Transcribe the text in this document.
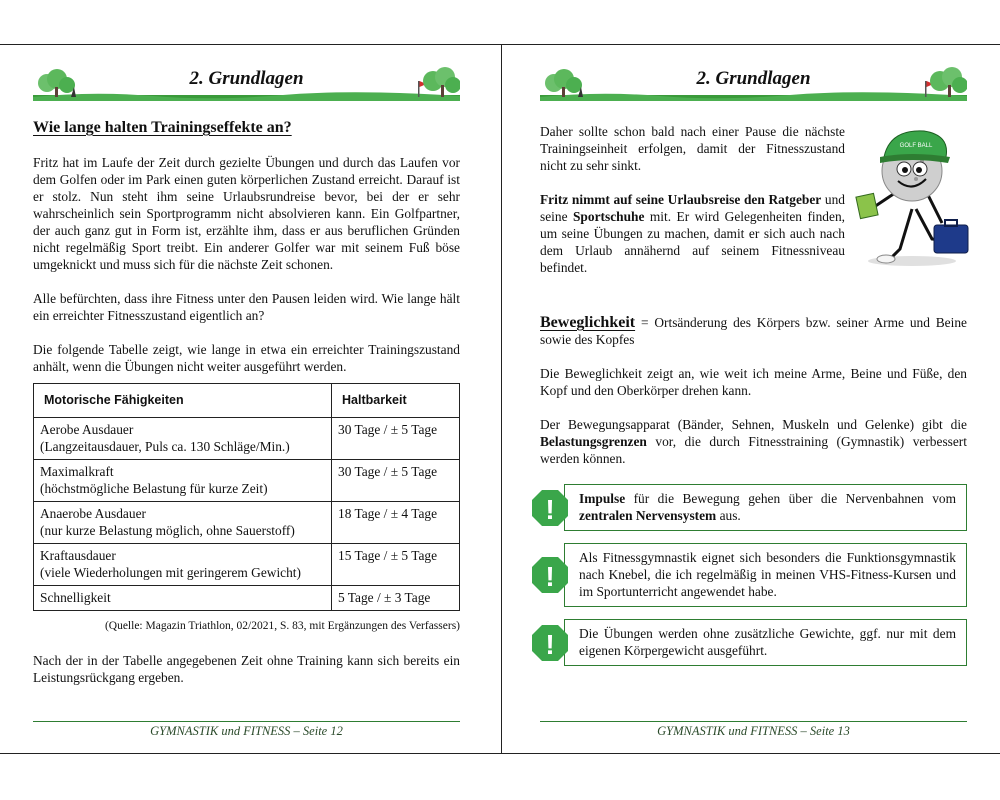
2. Grundlagen
Wie lange halten Trainingseffekte an?

Fritz hat im Laufe der Zeit durch gezielte Übungen und durch das Laufen vor dem Golfen oder im Park einen guten körperlichen Zustand erreicht. Darauf ist er stolz. Nun steht ihm seine Urlaubsrundreise bevor, bei der er sehr wahrscheinlich sein Sportprogramm nicht absolvieren kann. Ein Golfpartner, der auch ganz gut in Form ist, erzählte ihm, dass er aus beruflichen Gründen nicht regelmäßig Sport treibt. Ein anderer Golfer war mit seinem Fuß böse umgeknickt und muss sich für die nächste Zeit schonen.

Alle befürchten, dass ihre Fitness unter den Pausen leiden wird. Wie lange hält ein erreichter Fitnesszustand eigentlich an?

Die folgende Tabelle zeigt, wie lange in etwa ein erreichter Trainingszustand anhält, wenn die Übungen nicht weiter ausgeführt werden.

Motorische Fähigkeiten	Haltbarkeit
Aerobe Ausdauer
(Langzeitausdauer, Puls ca. 130 Schläge/Min.)	30 Tage / ± 5 Tage
Maximalkraft
(höchstmögliche Belastung für kurze Zeit)	30 Tage / ± 5 Tage
Anaerobe Ausdauer
(nur kurze Belastung möglich, ohne Sauerstoff)	18 Tage / ± 4 Tage
Kraftausdauer
(viele Wiederholungen mit geringerem Gewicht)	15 Tage / ± 5 Tage
Schnelligkeit	5 Tage / ± 3 Tage
(Quelle: Magazin Triathlon, 02/2021, S. 83, mit Ergänzungen des Verfassers)

Nach der in der Tabelle angegebenen Zeit ohne Training kann sich bereits ein Leistungsrückgang ergeben.

GYMNASTIK und FITNESS – Seite 12
2. Grundlagen
GOLF BALL

Daher sollte schon bald nach einer Pause die nächste Trainingseinheit erfolgen, damit der Fitnesszustand nicht zu sehr sinkt.

Fritz nimmt auf seine Urlaubsreise den Ratgeber und seine Sportschuhe mit. Er wird Gelegenheiten finden, um seine Übungen zu machen, damit er sich auch nach dem Urlaub annähernd auf seinem Fitnessniveau befindet.

Beweglichkeit = Ortsänderung des Körpers bzw. seiner Arme und Beine sowie des Kopfes

Die Beweglichkeit zeigt an, wie weit ich meine Arme, Beine und Füße, den Kopf und den Oberkörper drehen kann.

Der Bewegungsapparat (Bänder, Sehnen, Muskeln und Gelenke) gibt die Belastungsgrenzen vor, die durch Fitnesstraining (Gymnastik) verbessert werden können.

! Impulse für die Bewegung gehen über die Nervenbahnen vom zentralen Nervensystem aus.
!
Als Fitnessgymnastik eignet sich besonders die Funktionsgymnastik nach Knebel, die ich regelmäßig in meinen VHS-Fitness-Kursen und im Sportunterricht angewendet habe.
! Die Übungen werden ohne zusätzliche Gewichte, ggf. nur mit dem eigenen Körpergewicht ausgeführt.
GYMNASTIK und FITNESS – Seite 13
